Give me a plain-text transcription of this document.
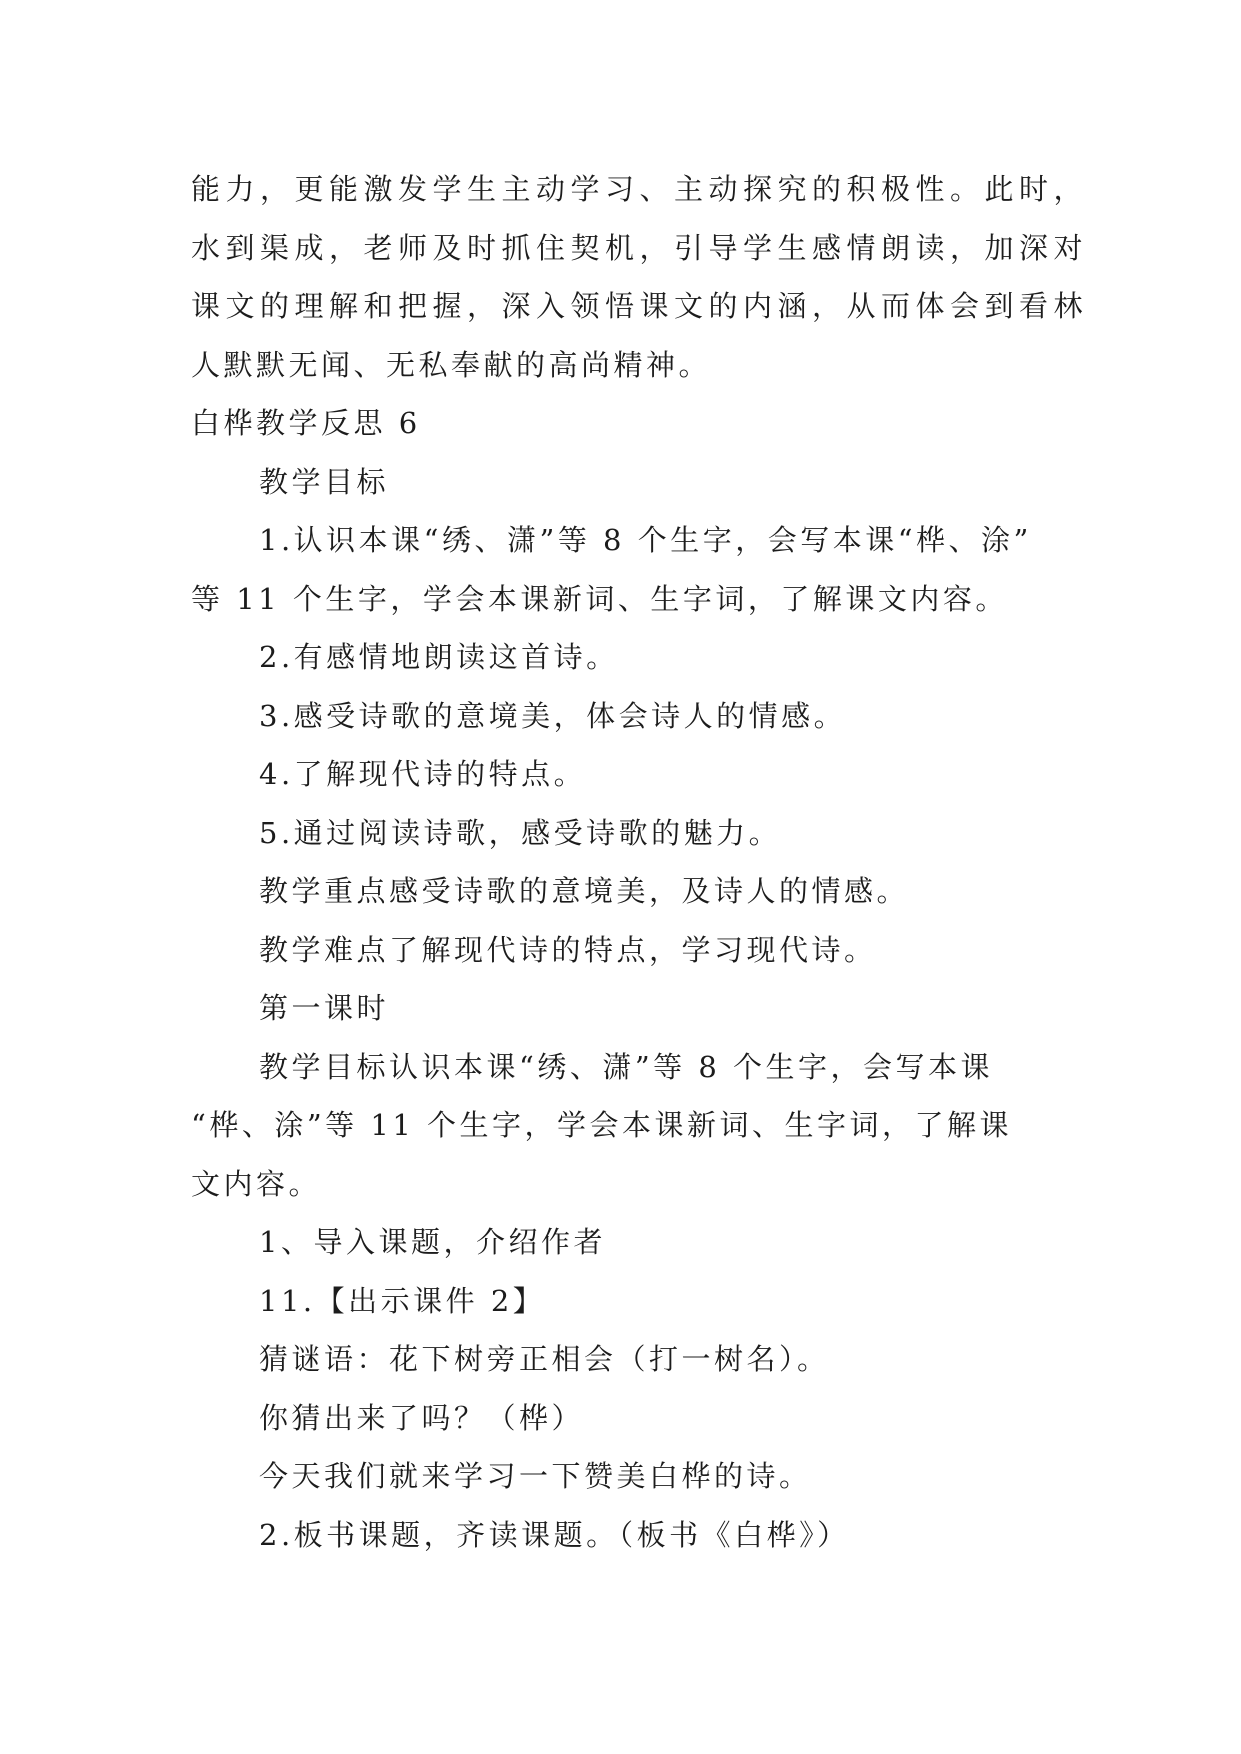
能力，更能激发学生主动学习、主动探究的积极性。此时，
水到渠成，老师及时抓住契机，引导学生感情朗读，加深对
课文的理解和把握，深入领悟课文的内涵，从而体会到看林
人默默无闻、无私奉献的高尚精神。
白桦教学反思 6
教学目标
1.认识本课“绣、潇”等 8 个生字，会写本课“桦、涂”
等 11 个生字，学会本课新词、生字词，了解课文内容。
2.有感情地朗读这首诗。
3.感受诗歌的意境美，体会诗人的情感。
4.了解现代诗的特点。
5.通过阅读诗歌，感受诗歌的魅力。
教学重点感受诗歌的意境美，及诗人的情感。
教学难点了解现代诗的特点，学习现代诗。
第一课时
教学目标认识本课“绣、潇”等 8 个生字，会写本课
“桦、涂”等 11 个生字，学会本课新词、生字词，了解课
文内容。
1、导入课题，介绍作者
11.【出示课件 2】
猜谜语：花下树旁正相会（打一树名）。
你猜出来了吗？（桦）
今天我们就来学习一下赞美白桦的诗。
2.板书课题，齐读课题。（板书《白桦》）
